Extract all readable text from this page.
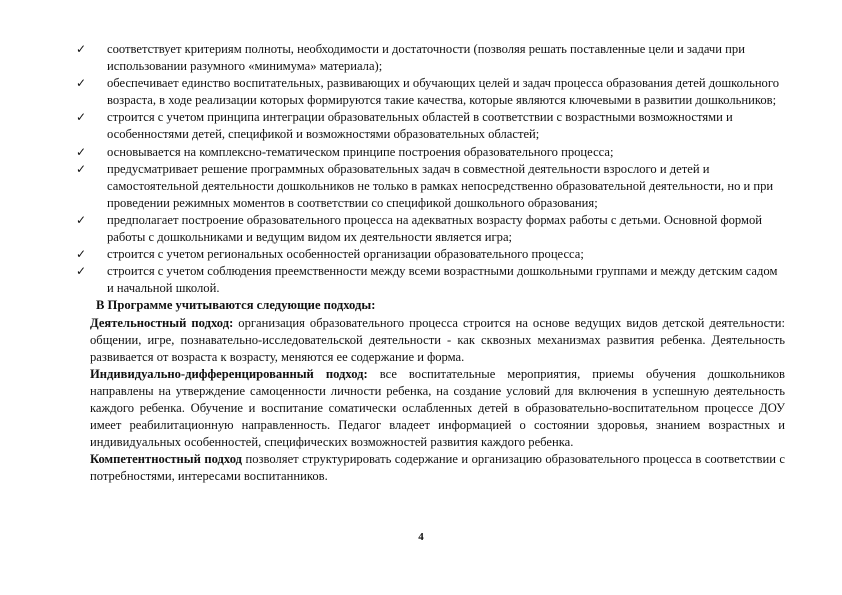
✓ соответствует критериям полноты, необходимости и достаточности (позволяя решать поставленные цели и задачи при использовании разумного «минимума» материала);
✓ обеспечивает единство воспитательных, развивающих и обучающих целей и задач процесса образования детей дошкольного возраста, в ходе реализации которых формируются такие качества, которые являются ключевыми в развитии дошкольников;
✓ строится с учетом принципа интеграции образовательных областей в соответствии с возрастными возможностями и особенностями детей, спецификой и возможностями образовательных областей;
✓ основывается на комплексно-тематическом принципе построения образовательного процесса;
✓ предусматривает решение программных образовательных задач в совместной деятельности взрослого и детей и самостоятельной деятельности дошкольников не только в рамках непосредственно образовательной деятельности, но и при проведении режимных моментов в соответствии со спецификой дошкольного образования;
✓ предполагает построение образовательного процесса на адекватных возрасту формах работы с детьми. Основной формой работы с дошкольниками и ведущим видом их деятельности является игра;
✓ строится с учетом региональных особенностей организации образовательного процесса;
✓ строится с учетом соблюдения преемственности между всеми возрастными дошкольными группами и между детским садом и начальной школой.

В Программе учитываются следующие подходы:

Деятельностный подход: организация образовательного процесса строится на основе ведущих видов детской деятельности: общении, игре, познавательно-исследовательской деятельности - как сквозных механизмах развития ребенка. Деятельность развивается от возраста к возрасту, меняются ее содержание и форма.

Индивидуально-дифференцированный подход: все воспитательные мероприятия, приемы обучения дошкольников направлены на утверждение самоценности личности ребенка, на создание условий для включения в успешную деятельность каждого ребенка. Обучение и воспитание соматически ослабленных детей в образовательно-воспитательном процессе ДОУ имеет реабилитационную направленность. Педагог владеет информацией о состоянии здоровья, знанием возрастных и индивидуальных особенностей, специфических возможностей развития каждого ребенка.

Компетентностный подход позволяет структурировать содержание и организацию образовательного процесса в соответствии с потребностями, интересами воспитанников.

4
